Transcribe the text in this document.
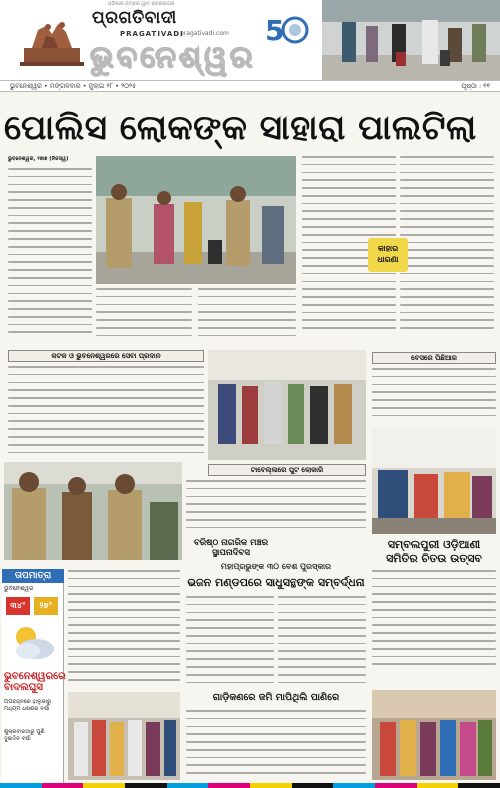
ଓଡ଼ିଶାର ନମ୍ବର ୱାନ ଖବରକାଗଜ
ପ୍ରଗତିବାଦୀ
PRAGATIVADI
pragativadi.com 5
ଭୁବନେଶ୍ୱର
ଭୁବନେଶ୍ୱର • ମଙ୍ଗଳବାର • ଜୁଲାଇ ୨୮ • ୨୦୨୫	ପୃଷ୍ଠା : ୧୧
ପୋଲିସ ଲୋକଙ୍କ ସାହାରା ପାଲଟିଲା
ଭୁବନେଶ୍ୱର, ୨୭ା୭ (ନିଜସ୍ୱ)
କାହାର ଧାରଣା
କଟକ ଓ ଭୁବନେଶ୍ୱରରେ ସେବା ପ୍ରଦାନ	ବେସରେ ପିଛିଆର
ଟାବେଲ୍ଲରେ ପୁଟ ଲୋକାରି
ବରିଷ୍ଠ ନାଗରିକ ମଞ୍ଚର
ସ୍ଥାପନାଦିବସ
ମହାପ୍ରଭୁଙ୍କ ୩୦ ବେଶ ପୁରସ୍କାର
ଭଜନ ମଣ୍ଡପରେ ସାଧୁସନ୍ଥଙ୍କ ସମ୍ବର୍ଦ୍ଧନା
ସମ୍ବଲପୁରୀ ଓଡ଼ିଆଣୀ
ସମିତିର ଚିତଉ ଉତ୍ସବ
ତାପମାତ୍ରା
ଭୁବନେଶ୍ୱର
୩୪°	୨୭°
ଭୁବନେଶ୍ୱରରେ
ବାଦଲଘୁସ
ଅପରାହ୍ନରେ ହାଲୁକାରୁ ମଧ୍ୟମ ଧରଣର ବର୍ଷା
ଶୁକ୍ରବାରଠାରୁ ପୁଣି ଦୁଇଦିନ ବର୍ଷା
ଗାଡ଼ିକଣରେ ଜମି ମାପିଥିଲି ପାଣିରେ
